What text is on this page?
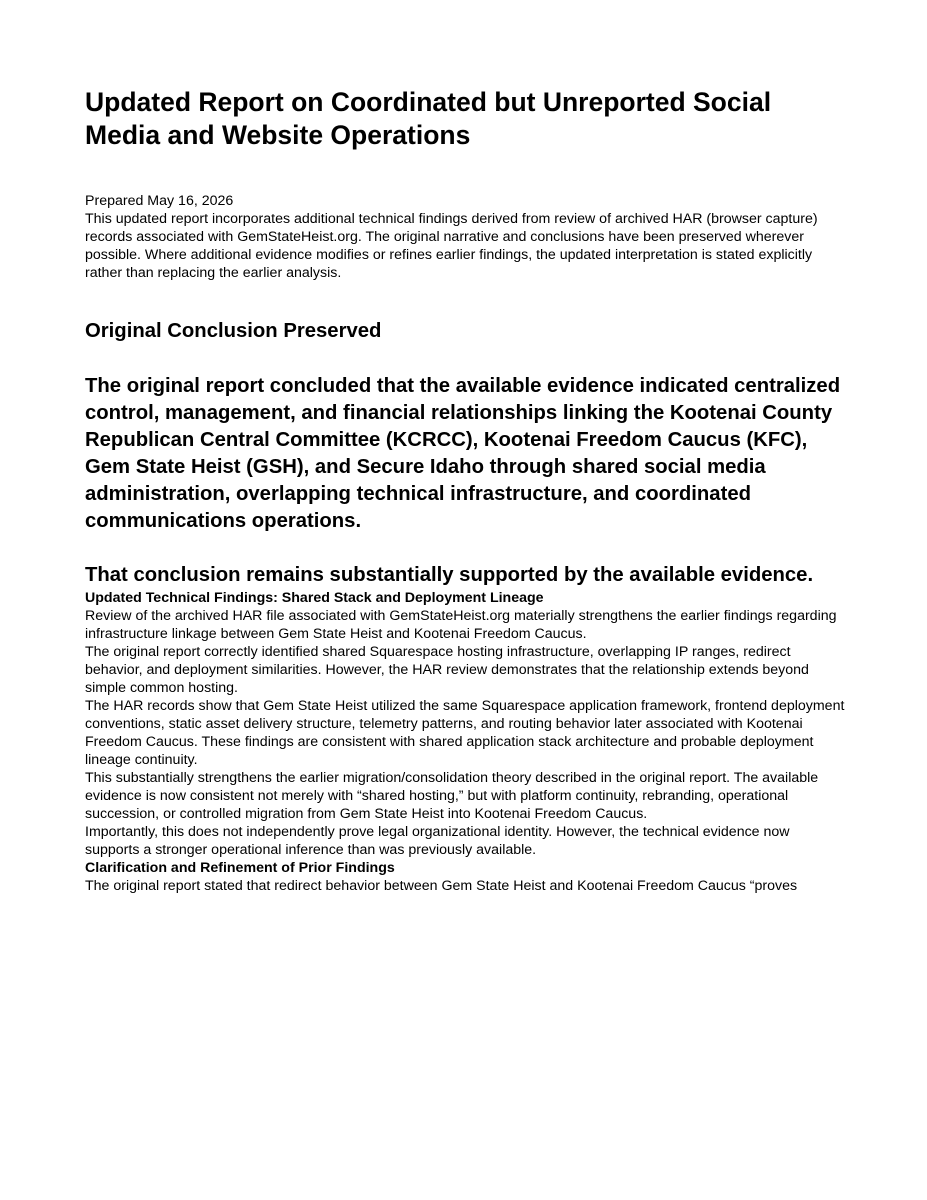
Updated Report on Coordinated but Unreported Social Media and Website Operations

Prepared May 16, 2026

This updated report incorporates additional technical findings derived from review of archived HAR (browser capture) records associated with GemStateHeist.org. The original narrative and conclusions have been preserved wherever possible. Where additional evidence modifies or refines earlier findings, the updated interpretation is stated explicitly rather than replacing the earlier analysis.

Original Conclusion Preserved

The original report concluded that the available evidence indicated centralized control, management, and financial relationships linking the Kootenai County Republican Central Committee (KCRCC), Kootenai Freedom Caucus (KFC), Gem State Heist (GSH), and Secure Idaho through shared social media administration, overlapping technical infrastructure, and coordinated communications operations.

That conclusion remains substantially supported by the available evidence.

Updated Technical Findings: Shared Stack and Deployment Lineage

Review of the archived HAR file associated with GemStateHeist.org materially strengthens the earlier findings regarding infrastructure linkage between Gem State Heist and Kootenai Freedom Caucus.

The original report correctly identified shared Squarespace hosting infrastructure, overlapping IP ranges, redirect behavior, and deployment similarities. However, the HAR review demonstrates that the relationship extends beyond simple common hosting.

The HAR records show that Gem State Heist utilized the same Squarespace application framework, frontend deployment conventions, static asset delivery structure, telemetry patterns, and routing behavior later associated with Kootenai Freedom Caucus. These findings are consistent with shared application stack architecture and probable deployment lineage continuity.

This substantially strengthens the earlier migration/consolidation theory described in the original report. The available evidence is now consistent not merely with “shared hosting,” but with platform continuity, rebranding, operational succession, or controlled migration from Gem State Heist into Kootenai Freedom Caucus.

Importantly, this does not independently prove legal organizational identity. However, the technical evidence now supports a stronger operational inference than was previously available.

Clarification and Refinement of Prior Findings

The original report stated that redirect behavior between Gem State Heist and Kootenai Freedom Caucus “proves
